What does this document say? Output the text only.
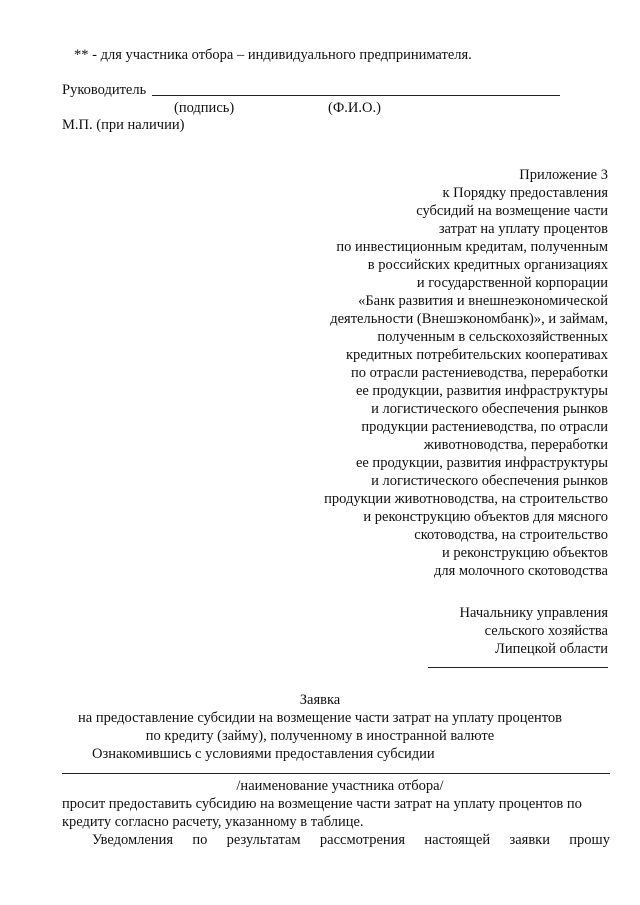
** - для участника отбора – индивидуального предпринимателя.
Руководитель
(подпись)	(Ф.И.О.)
М.П. (при наличии)
Приложение 3
к Порядку предоставления
субсидий на возмещение части
затрат на уплату процентов
по инвестиционным кредитам, полученным
в российских кредитных организациях
и государственной корпорации
«Банк развития и внешнеэкономической
деятельности (Внешэкономбанк)», и займам,
полученным в сельскохозяйственных
кредитных потребительских кооперативах
по отрасли растениеводства, переработки
ее продукции, развития инфраструктуры
и логистического обеспечения рынков
продукции растениеводства, по отрасли
животноводства, переработки
ее продукции, развития инфраструктуры
и логистического обеспечения рынков
продукции животноводства, на строительство
и реконструкцию объектов для мясного
скотоводства, на строительство
и реконструкцию объектов
для молочного скотоводства
Начальнику управления
сельского хозяйства
Липецкой области
Заявка
на предоставление субсидии на возмещение части затрат на уплату процентов
по кредиту (займу), полученному в иностранной валюте
Ознакомившись с условиями предоставления субсидии
/наименование участника отбора/
просит предоставить субсидию на возмещение части затрат на уплату процентов по
кредиту согласно расчету, указанному в таблице.
Уведомления по результатам рассмотрения настоящей заявки прошу
